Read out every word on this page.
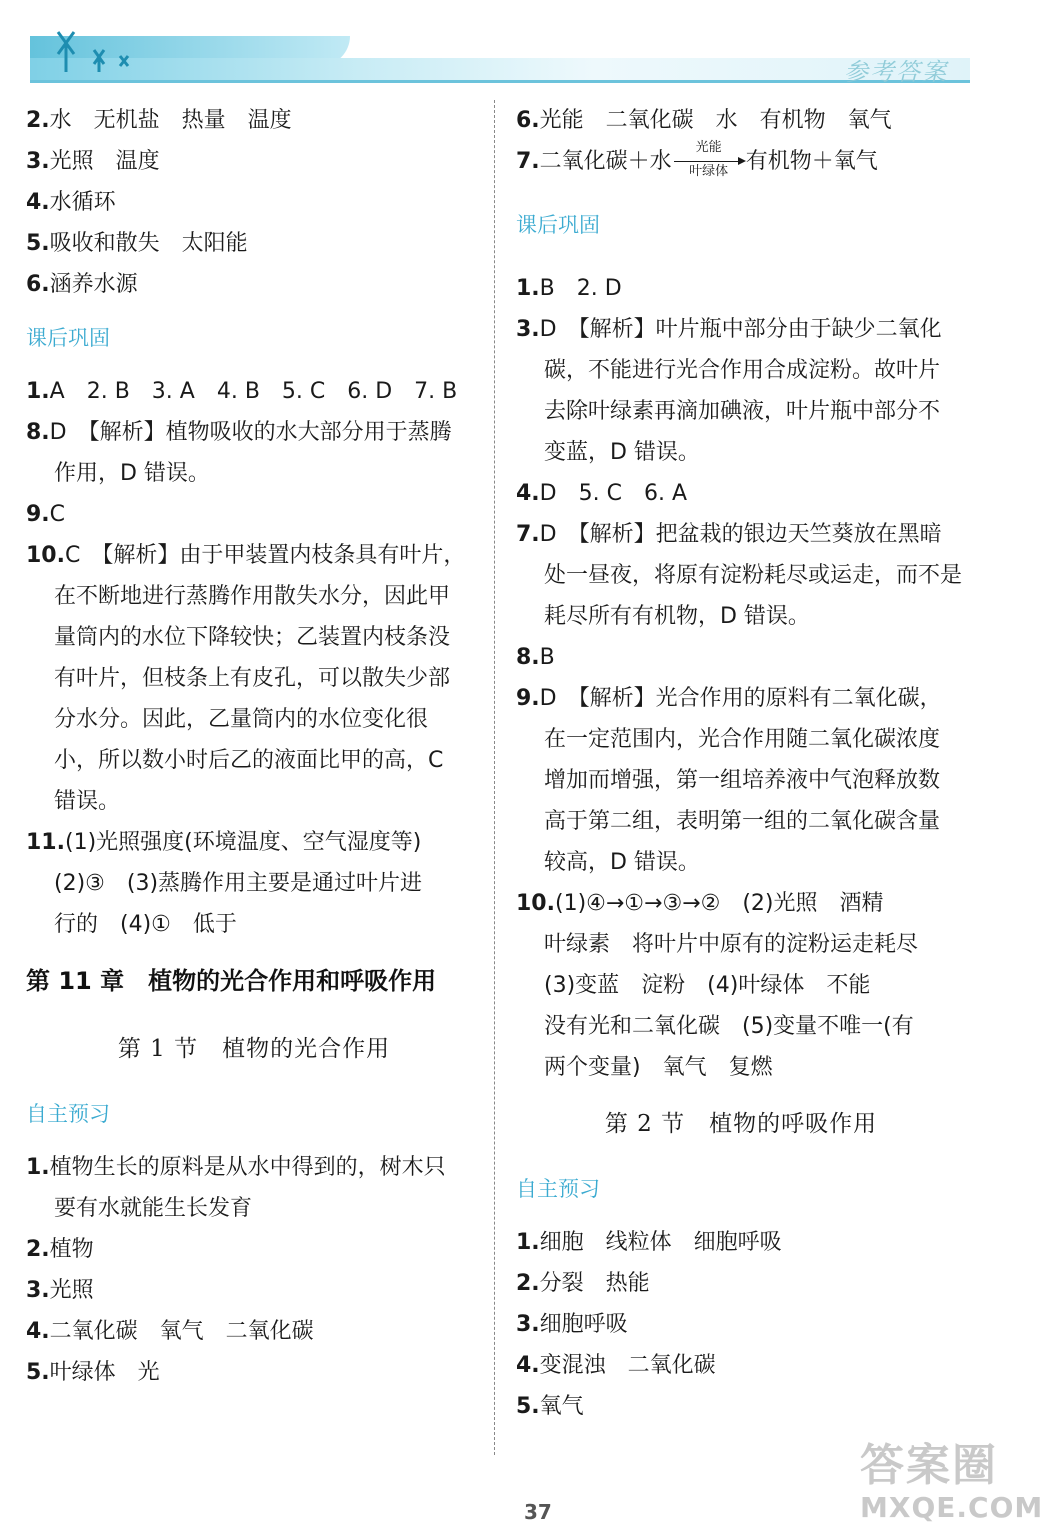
参考答案
2.水　无机盐　热量　温度
3.光照　温度
4.水循环
5.吸收和散失　太阳能
6.涵养水源
课后巩固
1.A　2. B　3. A　4. B　5. C　6. D　7. B
8.D　【解析】植物吸收的水大部分用于蒸腾
作用，D 错误。
9.C
10.C　【解析】由于甲装置内枝条具有叶片，
在不断地进行蒸腾作用散失水分，因此甲
量筒内的水位下降较快；乙装置内枝条没
有叶片，但枝条上有皮孔，可以散失少部
分水分。因此，乙量筒内的水位变化很
小，所以数小时后乙的液面比甲的高，C
错误。
11.(1)光照强度(环境温度、空气湿度等)
(2)③　(3)蒸腾作用主要是通过叶片进
行的　(4)①　低于
第 11 章　植物的光合作用和呼吸作用
第 1 节　植物的光合作用
自主预习
1.植物生长的原料是从水中得到的，树木只
要有水就能生长发育
2.植物
3.光照
4.二氧化碳　氧气　二氧化碳
5.叶绿体　光
6.光能　二氧化碳　水　有机物　氧气
7.二氧化碳＋水
光能
叶绿体 有机物＋氧气
课后巩固
1.B　2. D
3.D　【解析】叶片瓶中部分由于缺少二氧化
碳，不能进行光合作用合成淀粉。故叶片
去除叶绿素再滴加碘液，叶片瓶中部分不
变蓝，D 错误。
4.D　5. C　6. A
7.D　【解析】把盆栽的银边天竺葵放在黑暗
处一昼夜，将原有淀粉耗尽或运走，而不是
耗尽所有有机物，D 错误。
8.B
9.D　【解析】光合作用的原料有二氧化碳，
在一定范围内，光合作用随二氧化碳浓度
增加而增强，第一组培养液中气泡释放数
高于第二组，表明第一组的二氧化碳含量
较高，D 错误。
10.(1)④→①→③→②　(2)光照　酒精
叶绿素　将叶片中原有的淀粉运走耗尽
(3)变蓝　淀粉　(4)叶绿体　不能
没有光和二氧化碳　(5)变量不唯一(有
两个变量)　氧气　复燃
第 2 节　植物的呼吸作用
自主预习
1.细胞　线粒体　细胞呼吸
2.分裂　热能
3.细胞呼吸
4.变混浊　二氧化碳
5.氧气
37
答案圈
MXQE.COM
